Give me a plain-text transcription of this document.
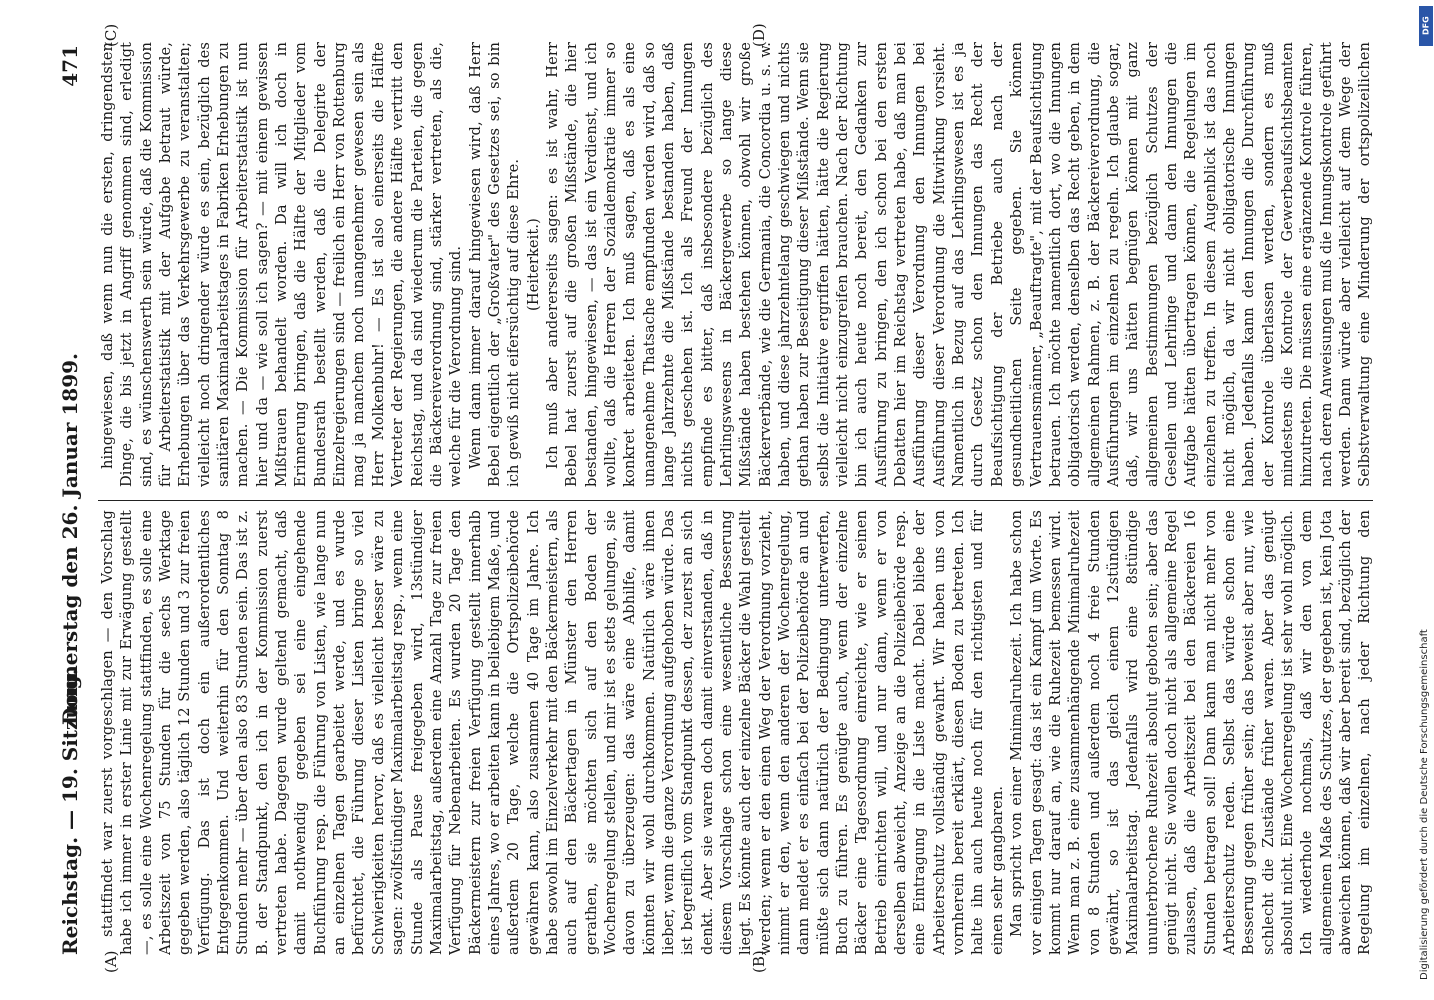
Reichstag. — 19. Sitzung.
Donnerstag den 26. Januar 1899.
471
(A)	(B)
(C)	(D)

stattfindet war zuerst vorgeschlagen — den Vorschlag habe ich immer in erster Linie mit zur Erwägung gestellt —, es solle eine Wochenregelung stattfinden, es solle eine Arbeitszeit von 75 Stunden für die sechs Werktage gegeben werden, also täglich 12 Stunden und 3 zur freien Verfügung. Das ist doch ein außerordentliches Entgegenkommen. Und weiterhin für den Sonntag 8 Stunden mehr — über den also 83 Stunden sein. Das ist z. B. der Standpunkt, den ich in der Kommission zuerst vertreten habe. Dagegen wurde geltend gemacht, daß damit nothwendig gegeben sei eine eingehende Buchführung resp. die Führung von Listen, wie lange nun an einzelnen Tagen gearbeitet werde, und es wurde befürchtet, die Führung dieser Listen bringe so viel Schwierigkeiten hervor, daß es vielleicht besser wäre zu sagen: zwölfstündiger Maximalarbeitstag resp., wenn eine Stunde als Pause freigegeben wird, 13stündiger Maximalarbeitstag, außerdem eine Anzahl Tage zur freien Verfügung für Nebenarbeiten. Es wurden 20 Tage den Bäckermeistern zur freien Verfügung gestellt innerhalb eines Jahres, wo er arbeiten kann in beliebigem Maße, und außerdem 20 Tage, welche die Ortspolizeibehörde gewähren kann, also zusammen 40 Tage im Jahre. Ich habe sowohl im Einzelverkehr mit den Bäckermeistern, als auch auf den Bäckertagen in Münster den Herren gerathen, sie möchten sich auf den Boden der Wochenregelung stellen, und mir ist es stets gelungen, sie davon zu überzeugen: das wäre eine Abhilfe, damit könnten wir wohl durchkommen. Natürlich wäre ihnen lieber, wenn die ganze Verordnung aufgehoben würde. Das ist begreiflich vom Standpunkt dessen, der zuerst an sich denkt. Aber sie waren doch damit einverstanden, daß in diesem Vorschlage schon eine wesentliche Besserung liegt. Es könnte auch der einzelne Bäcker die Wahl gestellt werden; wenn er den einen Weg der Verordnung vorzieht, nimmt er den, wenn den anderen der Wochenregelung, dann meldet er es einfach bei der Polizeibehörde an und müßte sich dann natürlich der Bedingung unterwerfen, Buch zu führen. Es genügte auch, wenn der einzelne Bäcker eine Tagesordnung einreichte, wie er seinen Betrieb einrichten will, und nur dann, wenn er von derselben abweicht, Anzeige an die Polizeibehörde resp. eine Eintragung in die Liste macht. Dabei bliebe der Arbeiterschutz vollständig gewahrt. Wir haben uns von vornherein bereit erklärt, diesen Boden zu betreten. Ich halte ihn auch heute noch für den richtigsten und für einen sehr gangbaren. Man spricht von einer Minimalruhezeit. Ich habe schon vor einigen Tagen gesagt: das ist ein Kampf um Worte. Es kommt nur darauf an, wie die Ruhezeit bemessen wird. Wenn man z. B. eine zusammenhängende Minimalruhezeit von 8 Stunden und außerdem noch 4 freie Stunden gewährt, so ist das gleich einem 12stündigen Maximalarbeitstag. Jedenfalls wird eine 8stündige ununterbrochene Ruhezeit absolut geboten sein; aber das genügt nicht. Sie wollen doch nicht als allgemeine Regel zulassen, daß die Arbeitszeit bei den Bäckereien 16 Stunden betragen soll! Dann kann man nicht mehr von Arbeiterschutz reden. Selbst das würde schon eine Besserung gegen früher sein; das beweist aber nur, wie schlecht die Zustände früher waren. Aber das genügt absolut nicht. Eine Wochenregelung ist sehr wohl möglich. Ich wiederhole nochmals, daß wir den von dem allgemeinen Maße des Schutzes, der gegeben ist, kein Jota abweichen können, daß wir aber bereit sind, bezüglich der Regelung im einzelnen, nach jeder Richtung den

hingewiesen, daß wenn nun die ersten, dringendsten Dinge, die bis jetzt in Angriff genommen sind, erledigt sind, es wünschenswerth sein würde, daß die Kommission für Arbeiterstatistik mit der Aufgabe betraut würde, Erhebungen über das Verkehrsgewerbe zu veranstalten; vielleicht noch dringender würde es sein, bezüglich des sanitären Maximalarbeitstages in Fabriken Erhebungen zu machen. — Die Kommission für Arbeiterstatistik ist nun hier und da — wie soll ich sagen? — mit einem gewissen Mißtrauen behandelt worden. Da will ich doch in Erinnerung bringen, daß die Hälfte der Mitglieder vom Bundesrath bestellt werden, daß die Delegirte der Einzelregierungen sind — freilich ein Herr von Rottenburg mag ja manchem noch unangenehmer gewesen sein als Herr Molkenbuhr! — Es ist also einerseits die Hälfte Vertreter der Regierungen, die andere Hälfte vertritt den Reichstag, und da sind wiederum die Parteien, die gegen die Bäckereiverordnung sind, stärker vertreten, als die, welche für die Verordnung sind. Wenn dann immer darauf hingewiesen wird, daß Herr Bebel eigentlich der „Großvater" des Gesetzes sei, so bin ich gewiß nicht eifersüchtig auf diese Ehre. (Heiterkeit.)

Ich muß aber andererseits sagen: es ist wahr, Herr Bebel hat zuerst auf die großen Mißstände, die hier bestanden, hingewiesen, — das ist ein Verdienst, und ich wollte, daß die Herren der Sozialdemokratie immer so konkret arbeiteten. Ich muß sagen, daß es als eine unangenehme Thatsache empfunden werden wird, daß so lange Jahrzehnte die Mißstände bestanden haben, daß nichts geschehen ist. Ich als Freund der Innungen empfinde es bitter, daß insbesondere bezüglich des Lehrlingswesens in Bäckergewerbe so lange diese Mißstände haben bestehen können, obwohl wir große Bäckerverbände, wie die Germania, die Concordia u. s. w. haben, und diese jahrzehntelang geschwiegen und nichts gethan haben zur Beseitigung dieser Mißstände. Wenn sie selbst die Initiative ergriffen hätten, hätte die Regierung vielleicht nicht einzugreifen brauchen. Nach der Richtung bin ich auch heute noch bereit, den Gedanken zur Ausführung zu bringen, den ich schon bei den ersten Debatten hier im Reichstag vertreten habe, daß man bei Ausführung dieser Verordnung den Innungen bei Ausführung dieser Verordnung die Mitwirkung vorsieht. Namentlich in Bezug auf das Lehrlingswesen ist es ja durch Gesetz schon den Innungen das Recht der Beaufsichtigung der Betriebe auch nach der gesundheitlichen Seite gegeben. Sie können Vertrauensmänner, „Beauftragte", mit der Beaufsichtigung betrauen. Ich möchte namentlich dort, wo die Innungen obligatorisch werden, denselben das Recht geben, in dem allgemeinen Rahmen, z. B. der Bäckereiverordnung, die Ausführungen im einzelnen zu regeln. Ich glaube sogar, daß, wir uns hätten begnügen können mit ganz allgemeinen Bestimmungen bezüglich Schutzes der Gesellen und Lehrlinge und dann den Innungen die Aufgabe hätten übertragen können, die Regelungen im einzelnen zu treffen. In diesem Augenblick ist das noch nicht möglich, da wir nicht obligatorische Innungen haben. Jedenfalls kann den Innungen die Durchführung der Kontrole überlassen werden, sondern es muß mindestens die Kontrole der Gewerbeaufsichtsbeamten hinzutreten. Die müssen eine ergänzende Kontrole führen, nach deren Anweisungen muß die Innungskontrole geführt werden. Dann würde aber vielleicht auf dem Wege der Selbstverwaltung eine Minderung der ortspolizeilichen

DFG
Digitalisierung gefördert durch die Deutsche Forschungsgemeinschaft
